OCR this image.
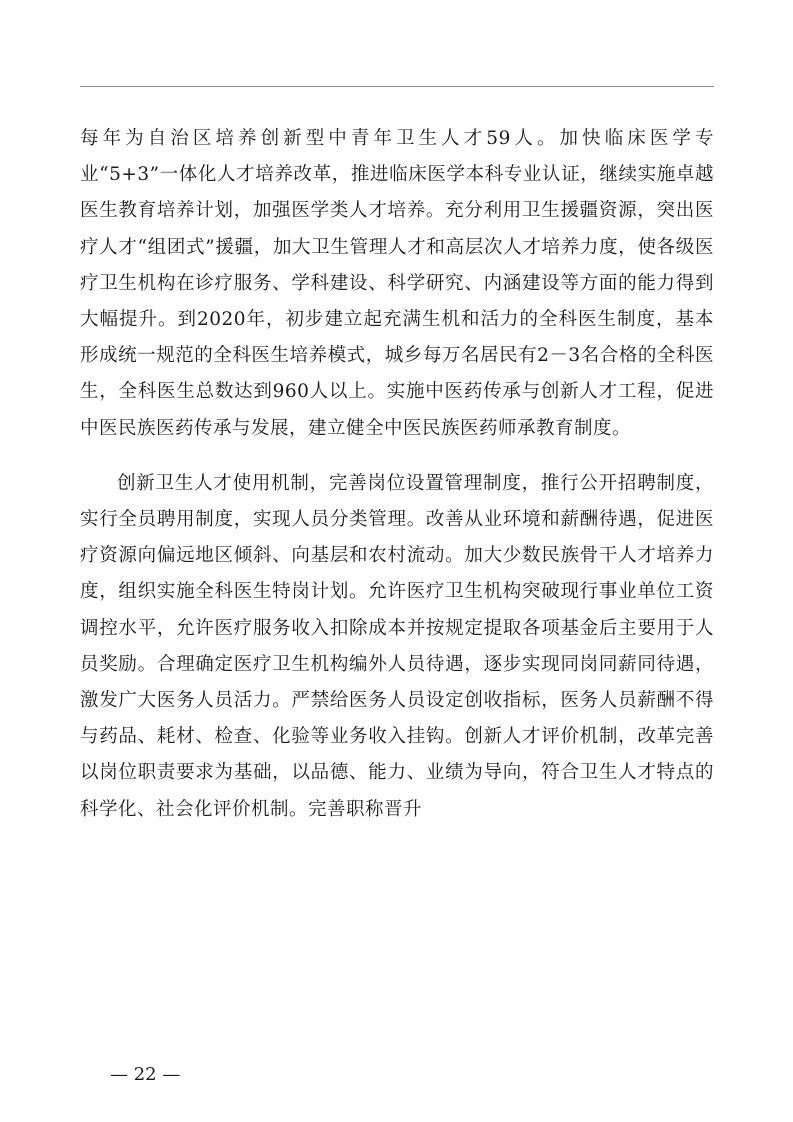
每年为自治区培养创新型中青年卫生人才59人。加快临床医学专业“5+3”一体化人才培养改革，推进临床医学本科专业认证，继续实施卓越医生教育培养计划，加强医学类人才培养。充分利用卫生援疆资源，突出医疗人才“组团式”援疆，加大卫生管理人才和高层次人才培养力度，使各级医疗卫生机构在诊疗服务、学科建设、科学研究、内涵建设等方面的能力得到大幅提升。到2020年，初步建立起充满生机和活力的全科医生制度，基本形成统一规范的全科医生培养模式，城乡每万名居民有2－3名合格的全科医生，全科医生总数达到960人以上。实施中医药传承与创新人才工程，促进中医民族医药传承与发展，建立健全中医民族医药师承教育制度。

创新卫生人才使用机制，完善岗位设置管理制度，推行公开招聘制度，实行全员聘用制度，实现人员分类管理。改善从业环境和薪酬待遇，促进医疗资源向偏远地区倾斜、向基层和农村流动。加大少数民族骨干人才培养力度，组织实施全科医生特岗计划。允许医疗卫生机构突破现行事业单位工资调控水平，允许医疗服务收入扣除成本并按规定提取各项基金后主要用于人员奖励。合理确定医疗卫生机构编外人员待遇，逐步实现同岗同薪同待遇，激发广大医务人员活力。严禁给医务人员设定创收指标，医务人员薪酬不得与药品、耗材、检查、化验等业务收入挂钩。创新人才评价机制，改革完善以岗位职责要求为基础，以品德、能力、业绩为导向，符合卫生人才特点的科学化、社会化评价机制。完善职称晋升

— 22 —
